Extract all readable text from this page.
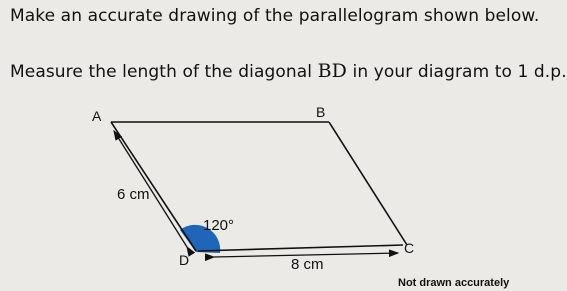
Make an accurate drawing of the parallelogram shown below.
Measure the length of the diagonal BD in your diagram to 1 d.p.
A	B
C
D
6 cm
8 cm
120°
Not drawn accurately
